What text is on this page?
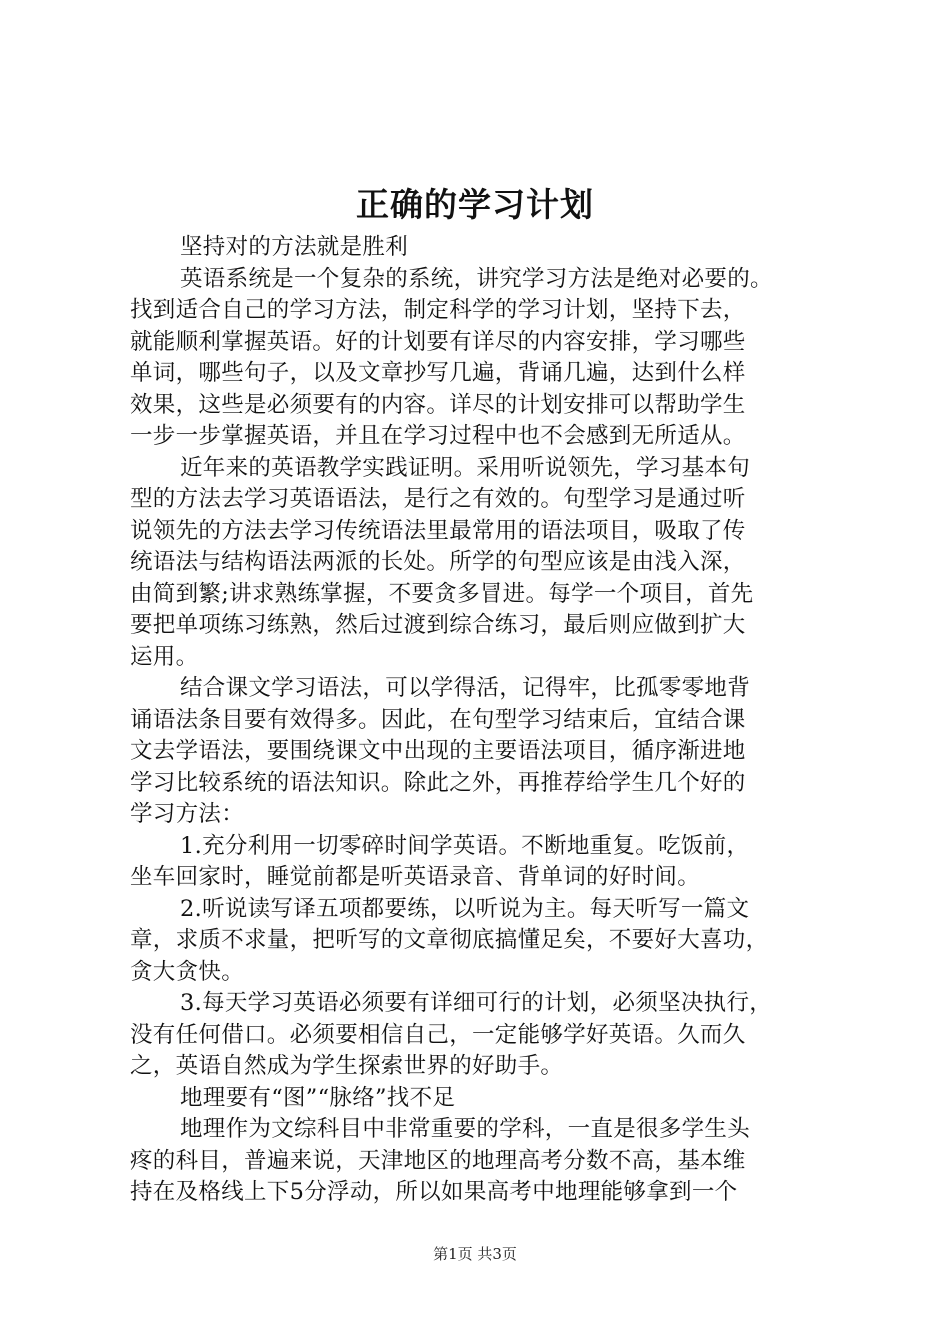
正确的学习计划
坚持对的方法就是胜利
英语系统是一个复杂的系统，讲究学习方法是绝对必要的。
找到适合自己的学习方法，制定科学的学习计划，坚持下去，
就能顺利掌握英语。好的计划要有详尽的内容安排，学习哪些
单词，哪些句子，以及文章抄写几遍，背诵几遍，达到什么样
效果，这些是必须要有的内容。详尽的计划安排可以帮助学生
一步一步掌握英语，并且在学习过程中也不会感到无所适从。
近年来的英语教学实践证明。采用听说领先，学习基本句
型的方法去学习英语语法，是行之有效的。句型学习是通过听
说领先的方法去学习传统语法里最常用的语法项目，吸取了传
统语法与结构语法两派的长处。所学的句型应该是由浅入深，
由简到繁;讲求熟练掌握，不要贪多冒进。每学一个项目，首先
要把单项练习练熟，然后过渡到综合练习，最后则应做到扩大
运用。
结合课文学习语法，可以学得活，记得牢，比孤零零地背
诵语法条目要有效得多。因此，在句型学习结束后，宜结合课
文去学语法，要围绕课文中出现的主要语法项目，循序渐进地
学习比较系统的语法知识。除此之外，再推荐给学生几个好的
学习方法：
1.充分利用一切零碎时间学英语。不断地重复。吃饭前，
坐车回家时，睡觉前都是听英语录音、背单词的好时间。
2.听说读写译五项都要练，以听说为主。每天听写一篇文
章，求质不求量，把听写的文章彻底搞懂足矣，不要好大喜功，
贪大贪快。
3.每天学习英语必须要有详细可行的计划，必须坚决执行，
没有任何借口。必须要相信自己，一定能够学好英语。久而久
之，英语自然成为学生探索世界的好助手。
地理要有“图”“脉络”找不足
地理作为文综科目中非常重要的学科，一直是很多学生头
疼的科目，普遍来说，天津地区的地理高考分数不高，基本维
持在及格线上下5分浮动，所以如果高考中地理能够拿到一个
第1页 共3页
